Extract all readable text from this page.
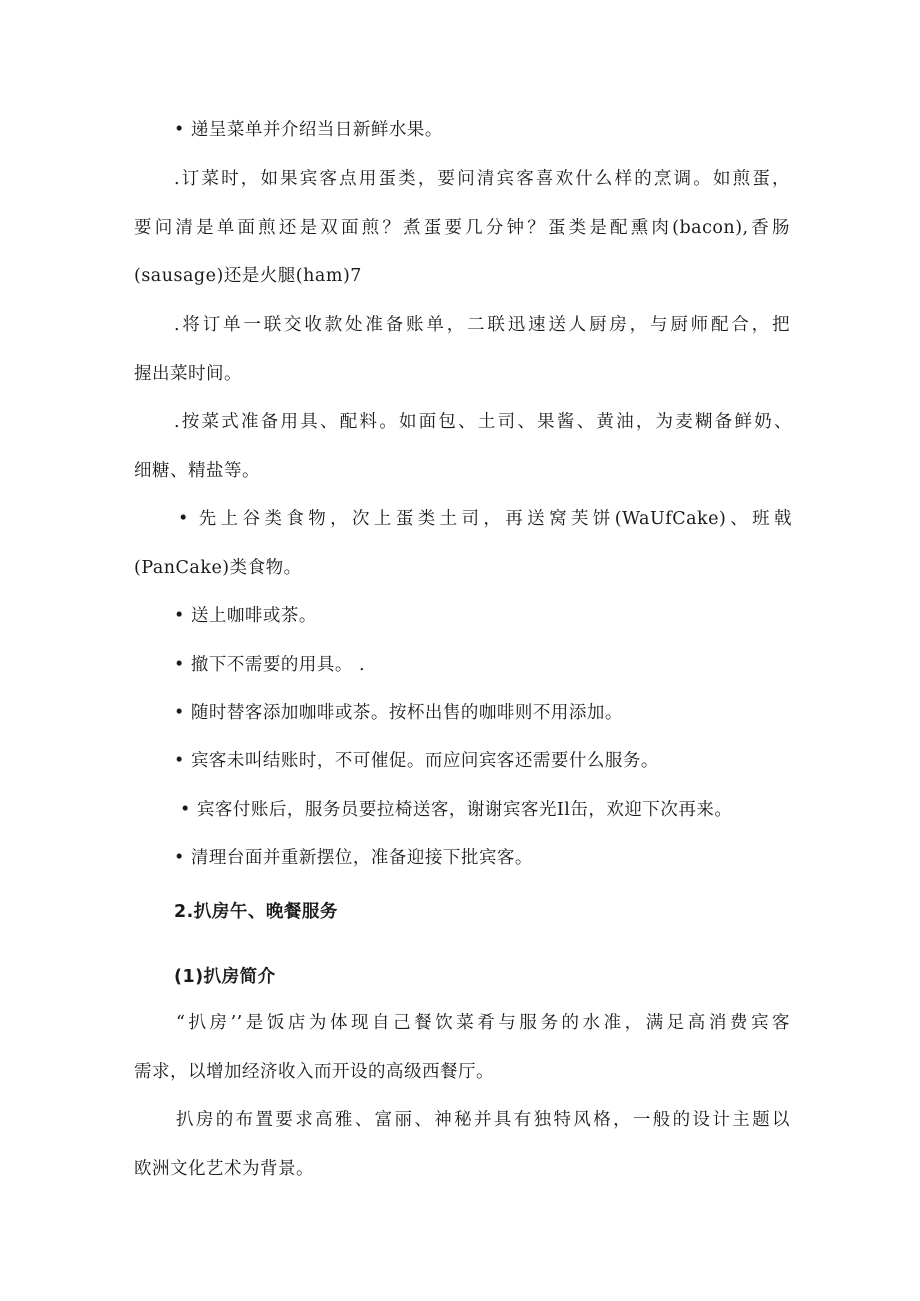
• 递呈菜单并介绍当日新鲜水果。
.订菜时，如果宾客点用蛋类，要问清宾客喜欢什么样的烹调。如煎蛋，
要问清是单面煎还是双面煎？煮蛋要几分钟？蛋类是配熏肉(bacon),香肠
(sausage)还是火腿(ham)7
.将订单一联交收款处准备账单，二联迅速送人厨房，与厨师配合，把
握出菜时间。
.按菜式准备用具、配料。如面包、土司、果酱、黄油，为麦糊备鲜奶、
细糖、精盐等。
• 先上谷类食物，次上蛋类土司，再送窝芙饼(WaUfCake)、班戟
(PanCake)类食物。
• 送上咖啡或茶。
• 撤下不需要的用具。 .
• 随时替客添加咖啡或茶。按杯出售的咖啡则不用添加。
• 宾客未叫结账时，不可催促。而应问宾客还需要什么服务。
• 宾客付账后，服务员要拉椅送客，谢谢宾客光Il缶，欢迎下次再来。
• 清理台面并重新摆位，准备迎接下批宾客。
2.扒房午、晚餐服务
(1)扒房简介
“扒房’’是饭店为体现自己餐饮菜肴与服务的水准，满足高消费宾客
需求，以增加经济收入而开设的高级西餐厅。
扒房的布置要求高雅、富丽、神秘并具有独特风格，一般的设计主题以
欧洲文化艺术为背景。
